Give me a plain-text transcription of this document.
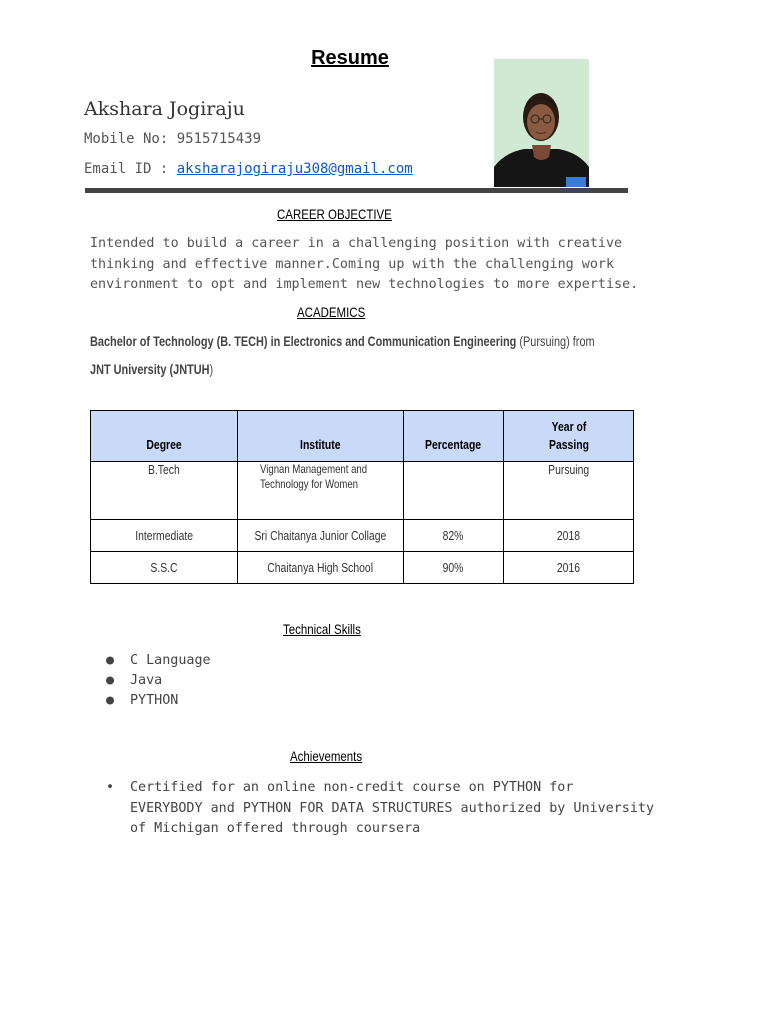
Resume
Akshara Jogiraju
Mobile No: 9515715439
Email ID : aksharajogiraju308@gmail.com
CAREER OBJECTIVE
Intended to build a career in a challenging position with creative
thinking and effective manner.Coming up with the challenging work
environment to opt and implement new technologies to more expertise.
ACADEMICS
Bachelor of Technology (B. TECH) in Electronics and Communication Engineering (Pursuing) from
JNT University (JNTUH)
Degree	Institute	Percentage	Year of Passing
B.Tech	Vignan Management and Technology for Women		Pursuing
Intermediate	Sri Chaitanya Junior Collage	82%	2018
S.S.C	Chaitanya High School	90%	2016
Technical Skills
● C Language
● Java
● PYTHON
Achievements
•	Certified for an online non-credit course on PYTHON for
EVERYBODY and PYTHON FOR DATA STRUCTURES authorized by University
of Michigan offered through coursera
